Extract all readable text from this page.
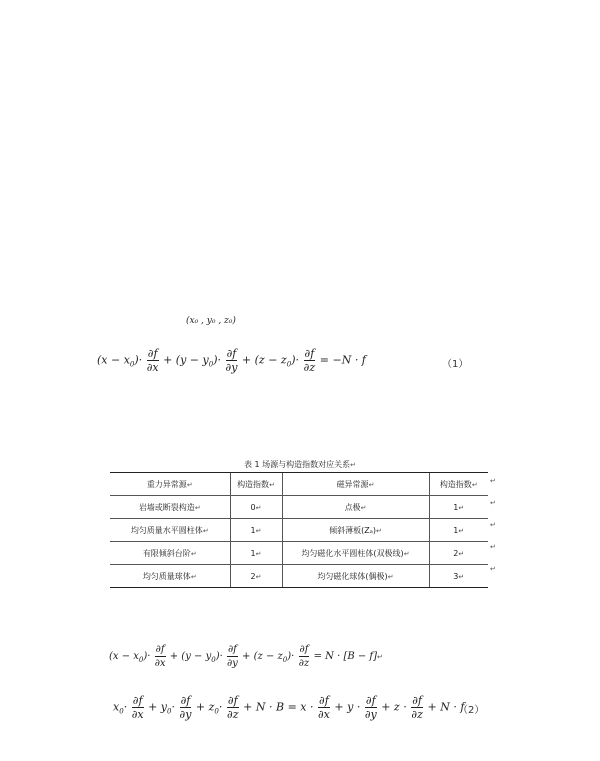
(x₀ , y₀ , z₀)
$(x - x_0)\cdot \frac{\partial f}{\partial x} + (y - y_0)\cdot \frac{\partial f}{\partial y} + (z - z_0)\cdot \frac{\partial f}{\partial z} = -N \cdot f$	（1）
表 1 场源与构造指数对应关系↵
重力异常源↵	构造指数↵	磁异常源↵	构造指数↵
岩墙或断裂构造↵	0↵	点极↵	1↵
均匀质量水平圆柱体↵	1↵	倾斜薄板(Zₐ)↵	1↵
有限倾斜台阶↵	1↵	均匀磁化水平圆柱体(双极线)↵	2↵
均匀质量球体↵	2↵	均匀磁化球体(偶极)↵	3↵
↵
↵
↵
↵
↵
$(x - x_0)\cdot \frac{\partial f}{\partial x} + (y - y_0)\cdot \frac{\partial f}{\partial y} + (z - z_0)\cdot \frac{\partial f}{\partial z} = N \cdot [B$ − f]↵
$x_0\cdot \frac{\partial f}{\partial x} + y_0\cdot \frac{\partial f}{\partial y} + z_0\cdot \frac{\partial f}{\partial z} + N \cdot B = x \cdot \frac{\partial f}{\partial x} + y \cdot \frac{\partial f}{\partial y} + z \cdot \frac{\partial f}{\partial z} + N \cdot f$
（2）
